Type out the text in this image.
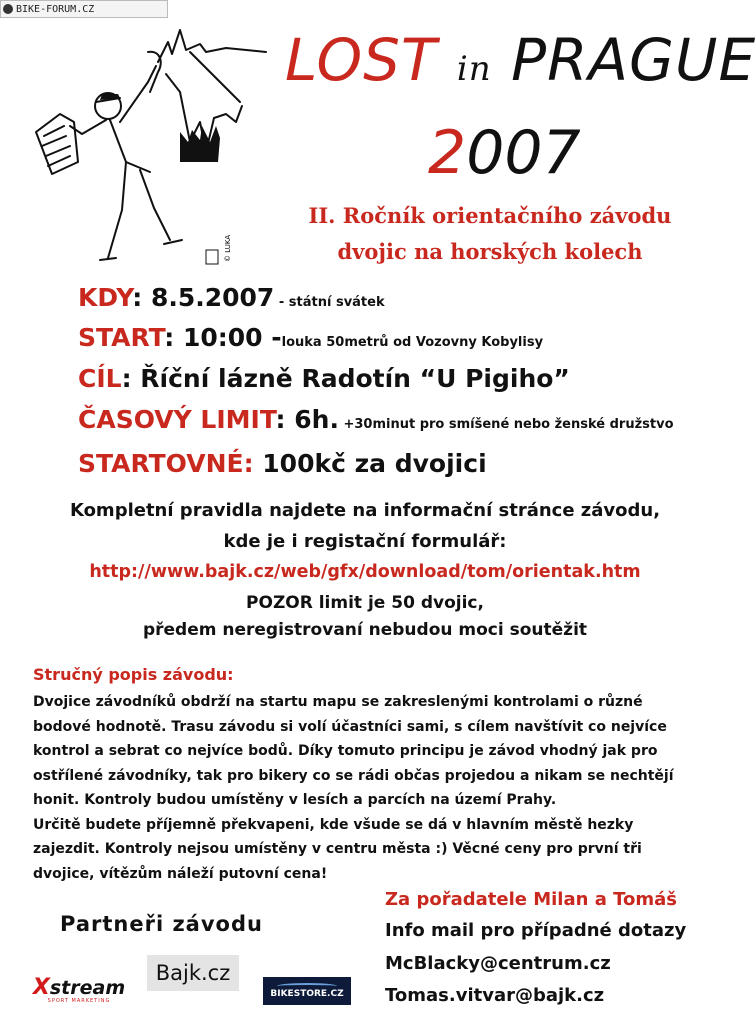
BIKE-FORUM.CZ
© LUKA
LOST in PRAGUE
2007
II. Ročník orientačního závodu
dvojic na horských kolech
KDY: 8.5.2007 - státní svátek
START: 10:00 -louka 50metrů od Vozovny Kobylisy
CÍL: Říční lázně Radotín “U Pigiho”
ČASOVÝ LIMIT: 6h. +30minut pro smíšené nebo ženské družstvo
STARTOVNÉ: 100kč za dvojici
Kompletní pravidla najdete na informační stránce závodu,
kde je i registační formulář:
http://www.bajk.cz/web/gfx/download/tom/orientak.htm
POZOR limit je 50 dvojic,
předem neregistrovaní nebudou moci soutěžit
Stručný popis závodu:

Dvojice závodníků obdrží na startu mapu se zakreslenými kontrolami o různé

bodové hodnotě. Trasu závodu si volí účastníci sami, s cílem navštívit co nejvíce

kontrol a sebrat co nejvíce bodů. Díky tomuto principu je závod vhodný jak pro

ostřílené závodníky, tak pro bikery co se rádi občas projedou a nikam se nechtějí

honit. Kontroly budou umístěny v lesích a parcích na území Prahy.

Určitě budete příjemně překvapeni, kde všude se dá v hlavním městě hezky

zajezdit. Kontroly nejsou umístěny v centru města :) Věcné ceny pro první tři

dvojice, vítězům náleží putovní cena!

Partneři závodu
Xstream
SPORT MARKETING
Bajk.cz
BIKESTORE.CZ
Za pořadatele Milan a Tomáš
Info mail pro případné dotazy
McBlacky@centrum.cz
Tomas.vitvar@bajk.cz
